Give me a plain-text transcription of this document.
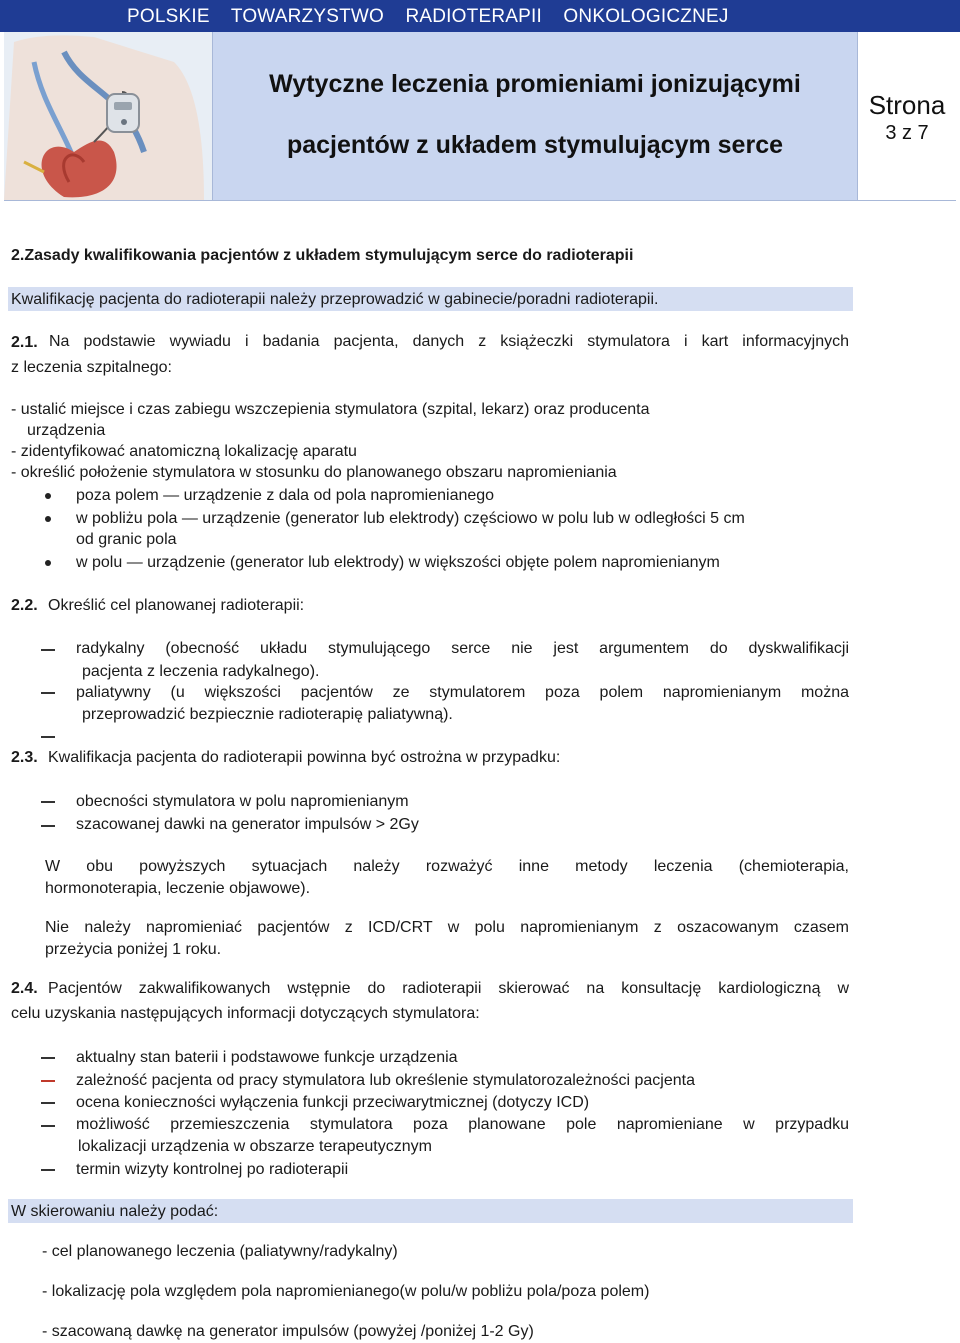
POLSKIE TOWARZYSTWO RADIOTERAPII ONKOLOGICZNEJ
Wytyczne leczenia promieniami jonizującymi
pacjentów z układem stymulującym serce
Strona
3 z 7
2.Zasady kwalifikowania pacjentów z układem stymulującym serce do radioterapii
Kwalifikację pacjenta do radioterapii należy przeprowadzić w gabinecie/poradni radioterapii.
2.1. Na podstawie wywiadu i badania pacjenta, danych z książeczki stymulatora i kart informacyjnych
z leczenia szpitalnego:
- ustalić miejsce i czas zabiegu wszczepienia stymulatora (szpital, lekarz) oraz producenta
urządzenia
- zidentyfikować anatomiczną lokalizację aparatu
- określić położenie stymulatora w stosunku do planowanego obszaru napromieniania
poza polem — urządzenie z dala od pola napromienianego
w pobliżu pola — urządzenie (generator lub elektrody) częściowo w polu lub w odległości 5 cm
od granic pola
w polu — urządzenie (generator lub elektrody) w większości objęte polem napromienianym
2.2. Określić cel planowanej radioterapii:
radykalny (obecność układu stymulującego serce nie jest argumentem do dyskwalifikacji
pacjenta z leczenia radykalnego).
paliatywny (u większości pacjentów ze stymulatorem poza polem napromienianym można
przeprowadzić bezpiecznie radioterapię paliatywną).
2.3. Kwalifikacja pacjenta do radioterapii powinna być ostrożna w przypadku:
obecności stymulatora w polu napromienianym
szacowanej dawki na generator impulsów > 2Gy
W obu powyższych sytuacjach należy rozważyć inne metody leczenia (chemioterapia,
hormonoterapia, leczenie objawowe).
Nie należy napromieniać pacjentów z ICD/CRT w polu napromienianym z oszacowanym czasem
przeżycia poniżej 1 roku.
2.4. Pacjentów zakwalifikowanych wstępnie do radioterapii skierować na konsultację kardiologiczną w
celu uzyskania następujących informacji dotyczących stymulatora:
aktualny stan baterii i podstawowe funkcje urządzenia
zależność pacjenta od pracy stymulatora lub określenie stymulatorozależności pacjenta
ocena konieczności wyłączenia funkcji przeciwarytmicznej (dotyczy ICD)
możliwość przemieszczenia stymulatora poza planowane pole napromieniane w przypadku
lokalizacji urządzenia w obszarze terapeutycznym
termin wizyty kontrolnej po radioterapii
W skierowaniu należy podać:
- cel planowanego leczenia (paliatywny/radykalny)
- lokalizację pola względem pola napromienianego(w polu/w pobliżu pola/poza polem)
- szacowaną dawkę na generator impulsów (powyżej /poniżej 1-2 Gy)
